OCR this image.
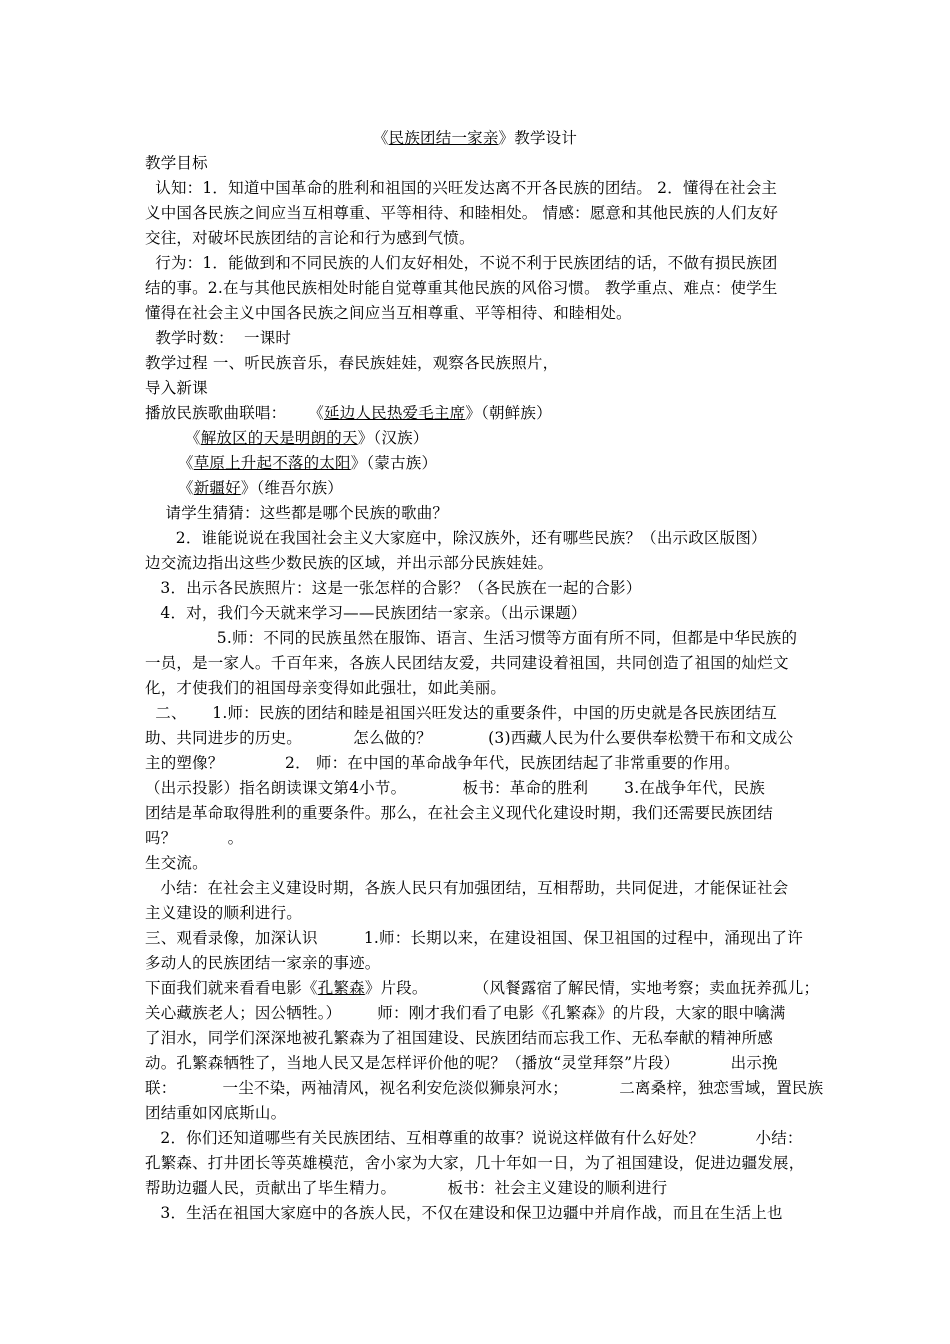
《民族团结一家亲》教学设计
教学目标
认知：1．知道中国革命的胜利和祖国的兴旺发达离不开各民族的团结。 2．懂得在社会主
义中国各民族之间应当互相尊重、平等相待、和睦相处。 情感：愿意和其他民族的人们友好
交往，对破坏民族团结的言论和行为感到气愤。
行为：1．能做到和不同民族的人们友好相处，不说不利于民族团结的话，不做有损民族团
结的事。2.在与其他民族相处时能自觉尊重其他民族的风俗习惯。 教学重点、难点：使学生
懂得在社会主义中国各民族之间应当互相尊重、平等相待、和睦相处。
教学时数：  一课时
教学过程 一、听民族音乐，春民族娃娃，观察各民族照片，
导入新课
播放民族歌曲联唱： 《延边人民热爱毛主席》（朝鲜族）
《解放区的天是明朗的天》（汉族）
《草原上升起不落的太阳》（蒙古族）
《新疆好》（维吾尔族）
请学生猜猜：这些都是哪个民族的歌曲？
2．谁能说说在我国社会主义大家庭中，除汉族外，还有哪些民族？（出示政区版图）
边交流边指出这些少数民族的区域，并出示部分民族娃娃。
3．出示各民族照片：这是一张怎样的合影？（各民族在一起的合影）
4．对，我们今天就来学习——民族团结一家亲。（出示课题）
5.师：不同的民族虽然在服饰、语言、生活习惯等方面有所不同，但都是中华民族的
一员，是一家人。千百年来，各族人民团结友爱，共同建设着祖国，共同创造了祖国的灿烂文
化，才使我们的祖国母亲变得如此强壮，如此美丽。
二、     1.师：民族的团结和睦是祖国兴旺发达的重要条件，中国的历史就是各民族团结互
助、共同进步的历史。          怎么做的？           (3)西藏人民为什么要供奉松赞干布和文成公
主的塑像？            2． 师：在中国的革命战争年代，民族团结起了非常重要的作用。
（出示投影）指名朗读课文第4小节。           板书：革命的胜利       3.在战争年代，民族
团结是革命取得胜利的重要条件。那么，在社会主义现代化建设时期，我们还需要民族团结
吗？          。
生交流。
小结：在社会主义建设时期，各族人民只有加强团结，互相帮助，共同促进，才能保证社会
主义建设的顺利进行。
三、观看录像，加深认识         1.师：长期以来，在建设祖国、保卫祖国的过程中，涌现出了许
多动人的民族团结一家亲的事迹。
下面我们就来看看电影《孔繁森》片段。         （风餐露宿了解民情，实地考察；卖血抚养孤儿；
关心藏族老人；因公牺牲。）       师：刚才我们看了电影《孔繁森》的片段，大家的眼中噙满
了泪水，同学们深深地被孔繁森为了祖国建设、民族团结而忘我工作、无私奉献的精神所感
动。孔繁森牺牲了，当地人民又是怎样评价他的呢？（播放“灵堂拜祭”片段）          出示挽
联：         一尘不染，两袖清风，视名利安危淡似狮泉河水；          二离桑梓，独恋雪域，置民族
团结重如冈底斯山。
2．你们还知道哪些有关民族团结、互相尊重的故事？说说这样做有什么好处？          小结：
孔繁森、打井团长等英雄模范，舍小家为大家，几十年如一日，为了祖国建设，促进边疆发展，
帮助边疆人民，贡献出了毕生精力。          板书：社会主义建设的顺利进行
3．生活在祖国大家庭中的各族人民，不仅在建设和保卫边疆中并肩作战，而且在生活上也
